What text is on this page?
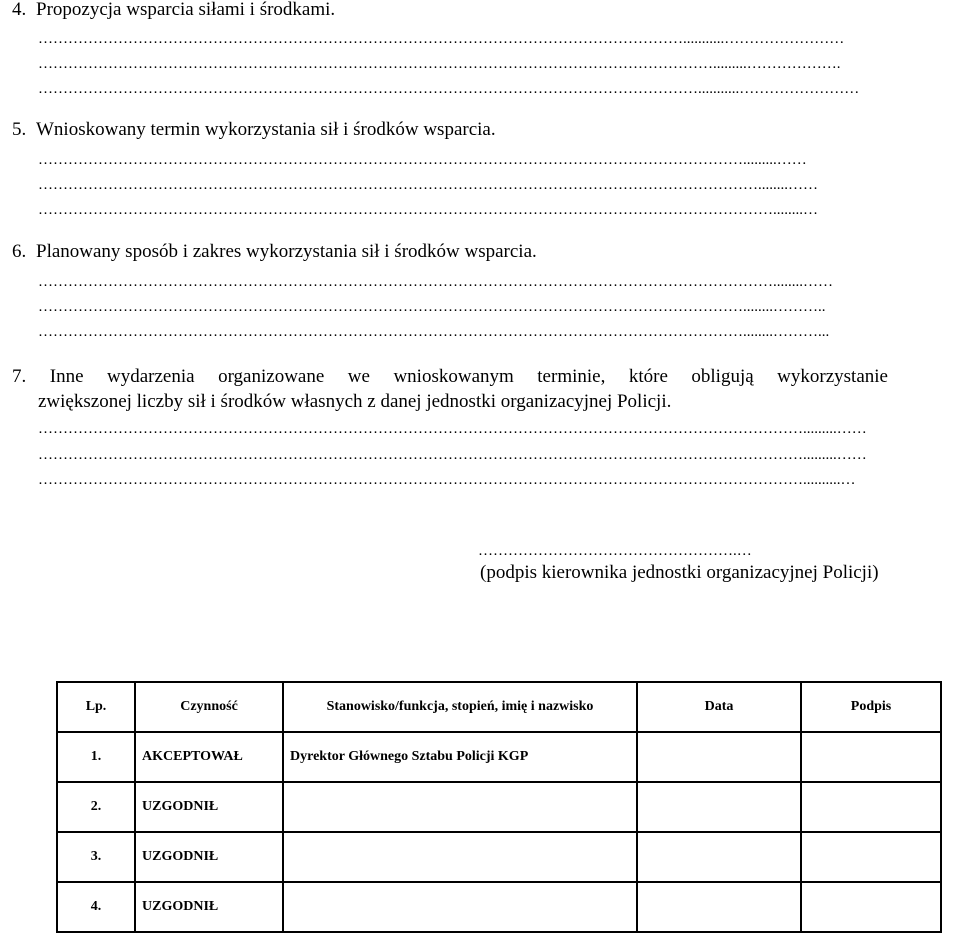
4. Propozycja wsparcia siłami i środkami.
…………………………………………………………………………………………………………………...........……………………
……………………………………………………………………………………………………………………….........……………….
……………………………………………………………………………………………………………………...........……………………
5. Wnioskowany termin wykorzystania sił i środków wsparcia.
…………………………………………………………………………………………………………………………….........……
………………………………………………………………………………………………………………………………........……
…………………………………………………………………………………………………………………………………........…
6. Planowany sposób i zakres wykorzystania sił i środków wsparcia.
…………………………………………………………………………………………………………………………………........……
……………………………………………………………………………………………………………………………........………..
……………………………………………………………………………………………………………………………........………...
7. Inne wydarzenia organizowane we wnioskowanym terminie, które obligują wykorzystanie
zwiększonej liczby sił i środków własnych z danej jednostki organizacyjnej Policji.
……………………………………………………………………………………………………………………………………….........……
……………………………………………………………………………………………………………………………………….........……
………………………………………………………………………………………………………………………………………..........…
…………………………………………….…
(podpis kierownika jednostki organizacyjnej Policji)
Lp.	Czynność	Stanowisko/funkcja, stopień, imię i nazwisko	Data	Podpis
1.	AKCEPTOWAŁ	Dyrektor Głównego Sztabu Policji KGP		
2.	UZGODNIŁ			
3.	UZGODNIŁ			
4.	UZGODNIŁ			
